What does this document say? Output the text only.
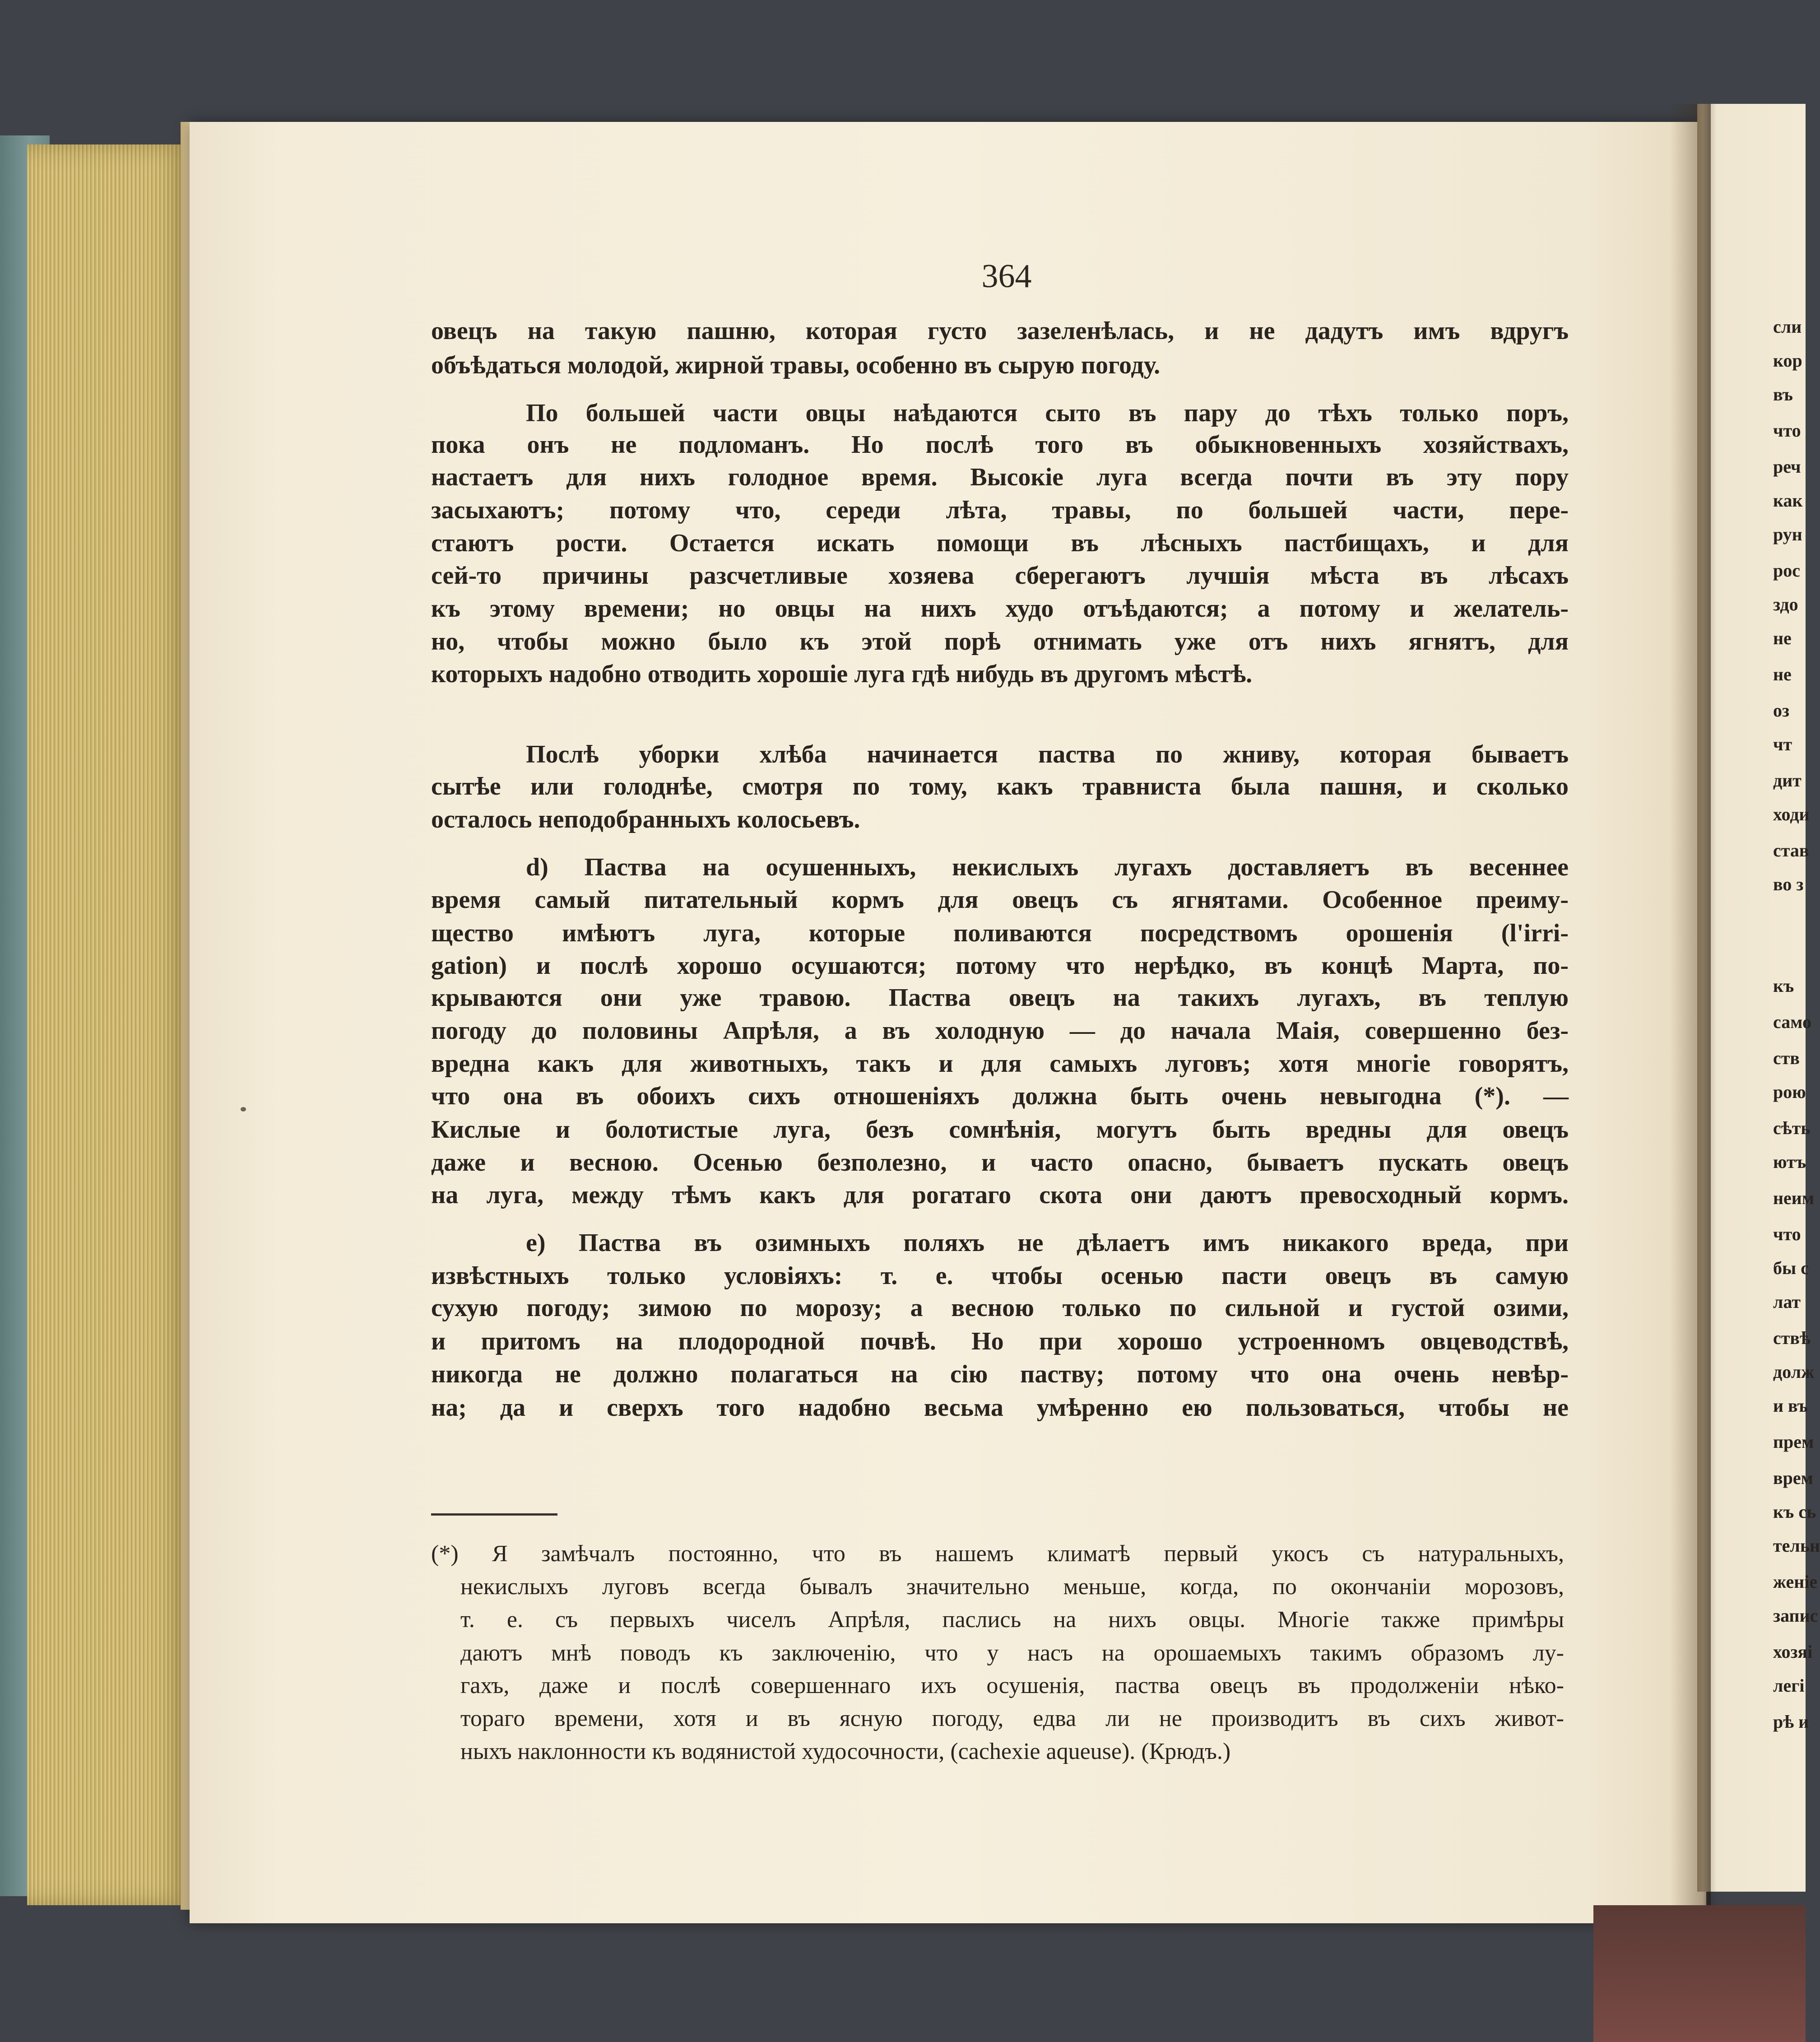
364
овецъ на такую пашню, которая густо зазеленѣлась, и не дадутъ имъ вдругъ
объѣдаться молодой, жирной травы, особенно въ сырую погоду.
По большей части овцы наѣдаются сыто въ пару до тѣхъ только поръ,
пока онъ не подломанъ. Но послѣ того въ обыкновенныхъ хозяйствахъ,
настаетъ для нихъ голодное время. Высокіе луга всегда почти въ эту пору
засыхаютъ; потому что, середи лѣта, травы, по большей части, пере-
стаютъ рости. Остается искать помощи въ лѣсныхъ пастбищахъ, и для
сей-то причины разсчетливые хозяева сберегаютъ лучшія мѣста въ лѣсахъ
къ этому времени; но овцы на нихъ худо отъѣдаются; а потому и желатель-
но, чтобы можно было къ этой порѣ отнимать уже отъ нихъ ягнятъ, для
которыхъ надобно отводить хорошіе луга гдѣ нибудь въ другомъ мѣстѣ.
Послѣ уборки хлѣба начинается паства по жниву, которая бываетъ
сытѣе или голоднѣе, смотря по тому, какъ травниста была пашня, и сколько
осталось неподобранныхъ колосьевъ.
d) Паства на осушенныхъ, некислыхъ лугахъ доставляетъ въ весеннее
время самый питательный кормъ для овецъ съ ягнятами. Особенное преиму-
щество имѣютъ луга, которые поливаются посредствомъ орошенія (l'irri-
gation) и послѣ хорошо осушаются; потому что нерѣдко, въ концѣ Марта, по-
крываются они уже травою. Паства овецъ на такихъ лугахъ, въ теплую
погоду до половины Апрѣля, а въ холодную — до начала Маія, совершенно без-
вредна какъ для животныхъ, такъ и для самыхъ луговъ; хотя многіе говорятъ,
что она въ обоихъ сихъ отношеніяхъ должна быть очень невыгодна (*). —
Кислые и болотистые луга, безъ сомнѣнія, могутъ быть вредны для овецъ
даже и весною. Осенью безполезно, и часто опасно, бываетъ пускать овецъ
на луга, между тѣмъ какъ для рогатаго скота они даютъ превосходный кормъ.
e) Паства въ озимныхъ поляхъ не дѣлаетъ имъ никакого вреда, при
извѣстныхъ только условіяхъ: т. е. чтобы осенью пасти овецъ въ самую
сухую погоду; зимою по морозу; а весною только по сильной и густой озими,
и притомъ на плодородной почвѣ. Но при хорошо устроенномъ овцеводствѣ,
никогда не должно полагаться на сію паству; потому что она очень невѣр-
на; да и сверхъ того надобно весьма умѣренно ею пользоваться, чтобы не
(*) Я замѣчалъ постоянно, что въ нашемъ климатѣ первый укосъ съ натуральныхъ,
некислыхъ луговъ всегда бывалъ значительно меньше, когда, по окончаніи морозовъ,
т. е. съ первыхъ чиселъ Апрѣля, паслись на нихъ овцы. Многіе также примѣры
даютъ мнѣ поводъ къ заключенію, что у насъ на орошаемыхъ такимъ образомъ лу-
гахъ, даже и послѣ совершеннаго ихъ осушенія, паства овецъ въ продолженіи нѣко-
тораго времени, хотя и въ ясную погоду, едва ли не производитъ въ сихъ живот-
ныхъ наклонности къ водянистой худосочности, (cachexie aqueuse). (Крюдъ.)
сли
кор
въ
что
реч
как
рун
рос
здо
не
не
оз
чт
дит
ходи
став
во з
къ
само
ств
рою
сѣть
ютъ
неим
что
бы с
лат
ствѣ
долж
и въ
прем
врем
къ сь
тельн
женіе
запис
хозяі
легі
рѣ и
